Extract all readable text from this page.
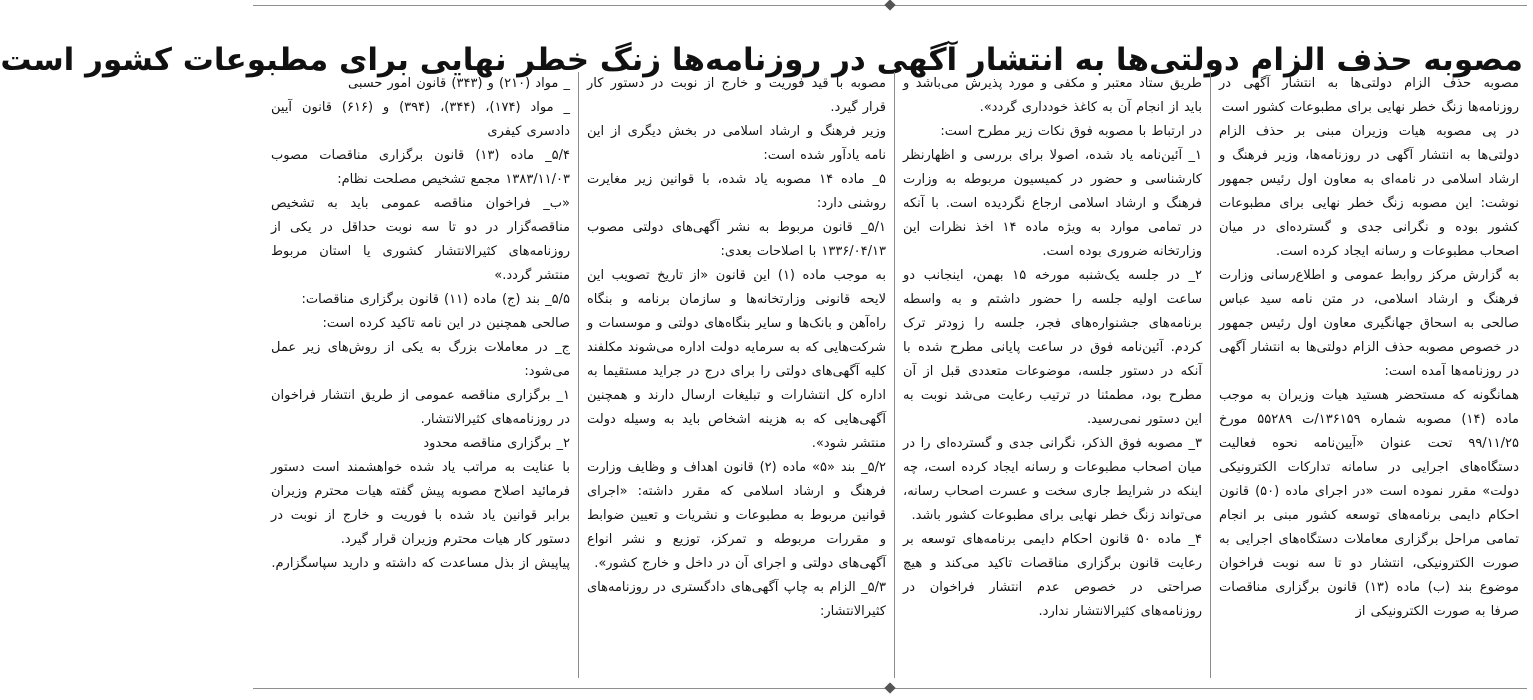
مصوبه حذف الزام دولتی‌ها به انتشار آگهی در روزنامه‌ها زنگ خطر نهایی برای مطبوعات کشور است

مصوبه حذف الزام دولتی‌ها به انتشار آگهی در روزنامه‌ها زنگ خطر نهایی برای مطبوعات کشور است

در پی مصوبه هیات وزیران مبنی بر حذف الزام دولتی‌ها به انتشار آگهی در روزنامه‌ها، وزیر فرهنگ و ارشاد اسلامی در نامه‌ای به معاون اول رئیس جمهور نوشت: این مصوبه زنگ خطر نهایی برای مطبوعات کشور بوده و نگرانی جدی و گسترده‌ای در میان اصحاب مطبوعات و رسانه ایجاد کرده است.

به گزارش مرکز روابط عمومی و اطلاع‌رسانی وزارت فرهنگ و ارشاد اسلامی، در متن نامه سید عباس صالحی به اسحاق جهانگیری معاون اول رئیس جمهور در خصوص مصوبه حذف الزام دولتی‌ها به انتشار آگهی در روزنامه‌ها آمده است:

همانگونه که مستحضر هستید هیات وزیران به موجب ماده (۱۴) مصوبه شماره ۱۳۶۱۵۹/ت ۵۵۲۸۹ مورخ ۹۹/۱۱/۲۵ تحت عنوان «آیین‌نامه نحوه فعالیت دستگاه‌های اجرایی در سامانه تدارکات الکترونیکی دولت» مقرر نموده است «در اجرای ماده (۵۰) قانون احکام دایمی برنامه‌های توسعه کشور مبنی بر انجام تمامی مراحل برگزاری معاملات دستگاه‌های اجرایی به صورت الکترونیکی، انتشار دو تا سه نوبت فراخوان موضوع بند (ب) ماده (۱۳) قانون برگزاری مناقصات صرفا به صورت الکترونیکی از

طریق ستاد معتبر و مکفی و مورد پذیرش می‌باشد و باید از انجام آن به کاغذ خودداری گردد».

در ارتباط با مصوبه فوق نکات زیر مطرح است:

۱_ آئین‌نامه یاد شده، اصولا برای بررسی و اظهارنظر کارشناسی و حضور در کمیسیون مربوطه به وزارت فرهنگ و ارشاد اسلامی ارجاع نگردیده است. با آنکه در تمامی موارد به ویژه ماده ۱۴ اخذ نظرات این وزارتخانه ضروری بوده است.

۲_ در جلسه یک‌شنبه مورخه ۱۵ بهمن، اینجانب دو ساعت اولیه جلسه را حضور داشتم و به واسطه برنامه‌های جشنواره‌های فجر، جلسه را زودتر ترک کردم. آئین‌نامه فوق در ساعت پایانی مطرح شده با آنکه در دستور جلسه، موضوعات متعددی قبل از آن مطرح بود، مطمئنا در ترتیب رعایت می‌شد نوبت به این دستور نمی‌رسید.

۳_ مصوبه فوق الذکر، نگرانی جدی و گسترده‌ای را در میان اصحاب مطبوعات و رسانه ایجاد کرده است، چه اینکه در شرایط جاری سخت و عسرت اصحاب رسانه، می‌تواند زنگ خطر نهایی برای مطبوعات کشور باشد.

۴_ ماده ۵۰ قانون احکام دایمی برنامه‌های توسعه بر رعایت قانون برگزاری مناقصات تاکید می‌کند و هیچ صراحتی در خصوص عدم انتشار فراخوان در روزنامه‌های کثیرالانتشار ندارد.

مصوبه با قید فوریت و خارج از نوبت در دستور کار قرار گیرد.

وزیر فرهنگ و ارشاد اسلامی در بخش دیگری از این نامه یادآور شده است:

۵_ ماده ۱۴ مصوبه یاد شده، با قوانین زیر مغایرت روشنی دارد:

۵/۱_ قانون مربوط به نشر آگهی‌های دولتی مصوب ۱۳۳۶/۰۴/۱۳ با اصلاحات بعدی:

به موجب ماده (۱) این قانون «از تاریخ تصویب این لایحه قانونی وزارتخانه‌ها و سازمان برنامه و بنگاه راه‌آهن و بانک‌ها و سایر بنگاه‌های دولتی و موسسات و شرکت‌هایی که به سرمایه دولت اداره می‌شوند مکلفند کلیه آگهی‌های دولتی را برای درج در جراید مستقیما به اداره کل انتشارات و تبلیغات ارسال دارند و همچنین آگهی‌هایی که به هزینه اشخاص باید به وسیله دولت منتشر شود».

۵/۲_ بند «۵» ماده (۲) قانون اهداف و وظایف وزارت فرهنگ و ارشاد اسلامی که مقرر داشته: «اجرای قوانین مربوط به مطبوعات و نشریات و تعیین ضوابط و مقررات مربوطه و تمرکز، توزیع و نشر انواع آگهی‌های دولتی و اجرای آن در داخل و خارج کشور».

۵/۳_ الزام به چاپ آگهی‌های دادگستری در روزنامه‌های کثیرالانتشار:

_ مواد (۲۱۰) و (۳۴۳) قانون امور حسبی

_ مواد (۱۷۴)، (۳۴۴)، (۳۹۴) و (۶۱۶) قانون آیین دادسری کیفری

۵/۴_ ماده (۱۳) قانون برگزاری مناقصات مصوب ۱۳۸۳/۱۱/۰۳ مجمع تشخیص مصلحت نظام:

«ب_ فراخوان مناقصه عمومی باید به تشخیص مناقصه‌گزار در دو تا سه نوبت حداقل در یکی از روزنامه‌های کثیرالانتشار کشوری یا استان مربوط منتشر گردد.»

۵/۵_ بند (ج) ماده (۱۱) قانون برگزاری مناقصات:

صالحی همچنین در این نامه تاکید کرده است:

ج_ در معاملات بزرگ به یکی از روش‌های زیر عمل می‌شود:

۱_ برگزاری مناقصه عمومی از طریق انتشار فراخوان در روزنامه‌های کثیرالانتشار.

۲_ برگزاری مناقصه محدود

با عنایت به مراتب یاد شده خواهشمند است دستور فرمائید اصلاح مصوبه پیش گفته هیات محترم وزیران برابر قوانین یاد شده با فوریت و خارج از نوبت در دستور کار هیات محترم وزیران قرار گیرد.

پیاپیش از بذل مساعدت که داشته و دارید سپاسگزارم.
